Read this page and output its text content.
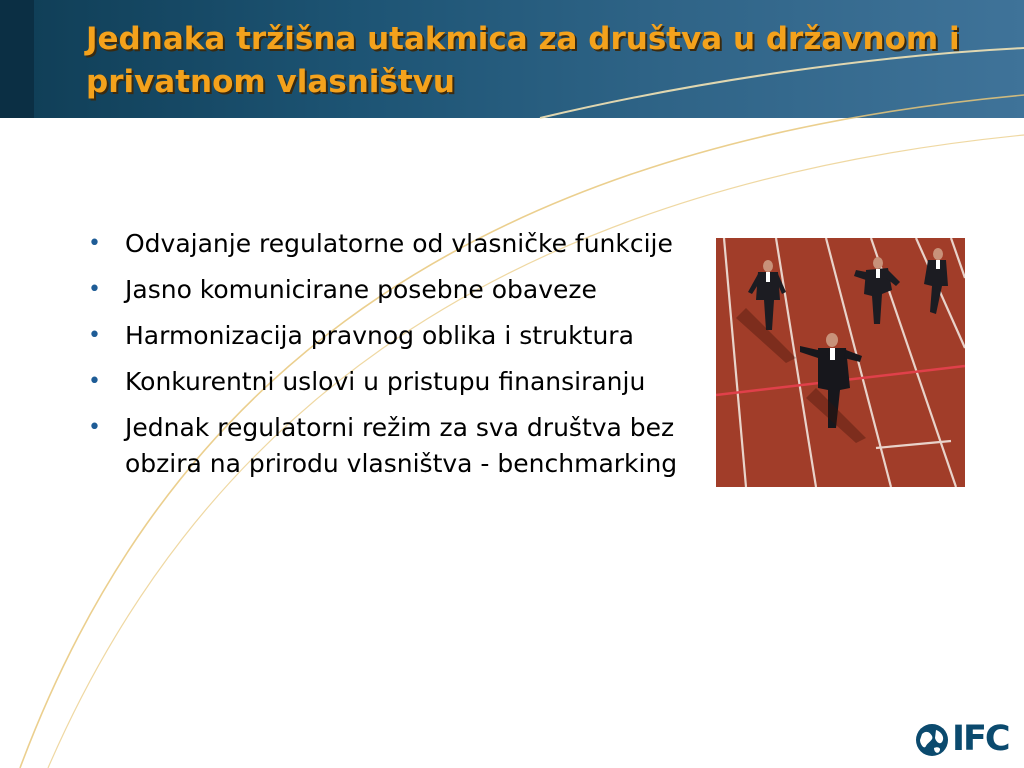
Jednaka tržišna utakmica za društva u državnom i privatnom vlasništvu
• Odvajanje regulatorne od vlasničke funkcije
• Jasno komunicirane posebne obaveze
• Harmonizacija pravnog oblika i struktura
• Konkurentni uslovi u pristupu finansiranju
• Jednak regulatorni režim za sva društva bez obzira na prirodu vlasništva - benchmarking
IFC
